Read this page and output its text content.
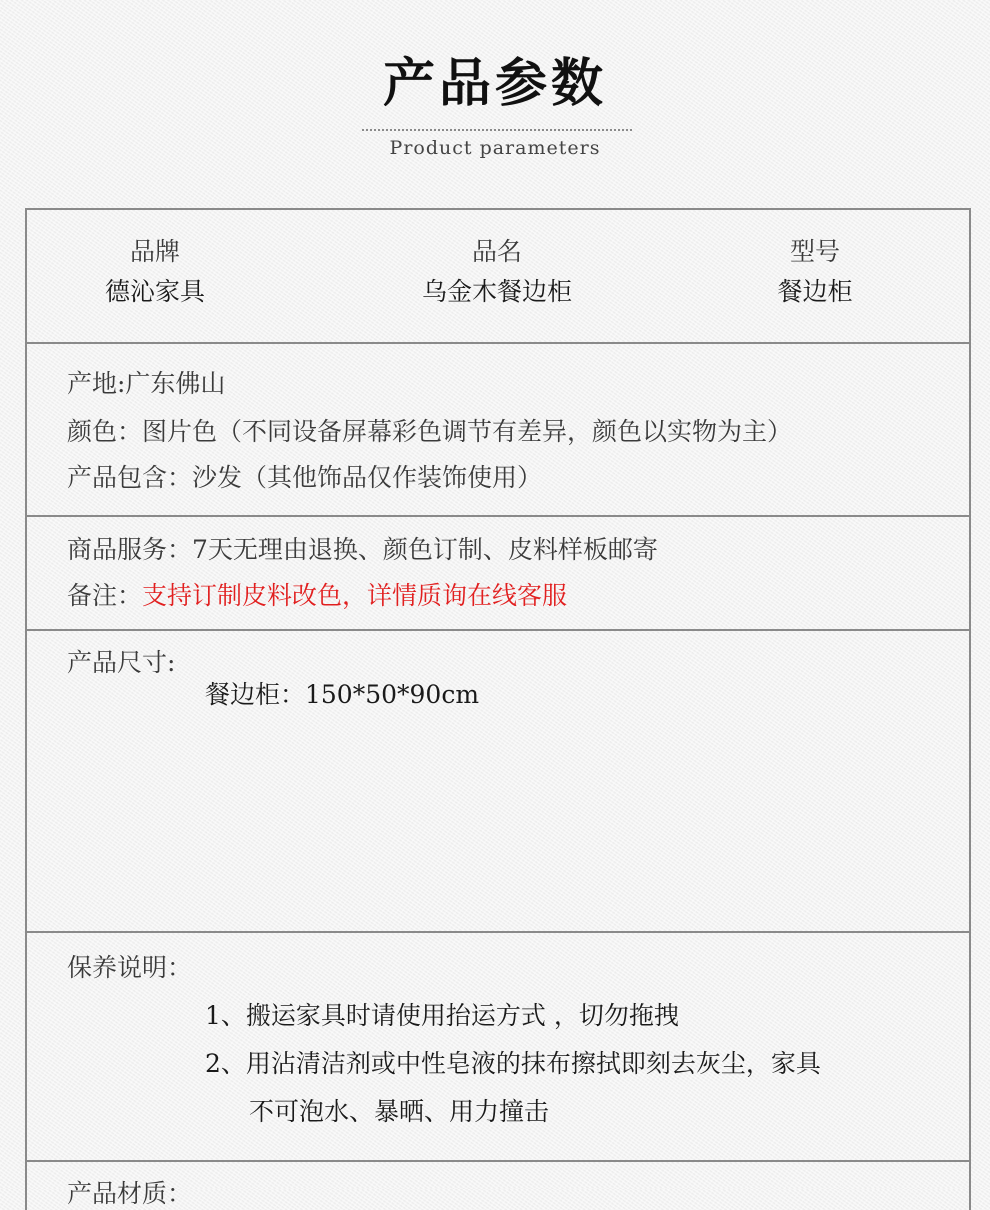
产品参数
Product parameters
品牌
德沁家具
品名
乌金木餐边柜
型号
餐边柜
产地:广东佛山
颜色：图片色（不同设备屏幕彩色调节有差异，颜色以实物为主）
产品包含：沙发（其他饰品仅作装饰使用）
商品服务：7天无理由退换、颜色订制、皮料样板邮寄
备注：支持订制皮料改色，详情质询在线客服
产品尺寸:
餐边柜：150*50*90cm
保养说明：
1、搬运家具时请使用抬运方式 ，切勿拖拽
2、用沾清洁剂或中性皂液的抹布擦拭即刻去灰尘，家具
不可泡水、暴晒、用力撞击
产品材质：
